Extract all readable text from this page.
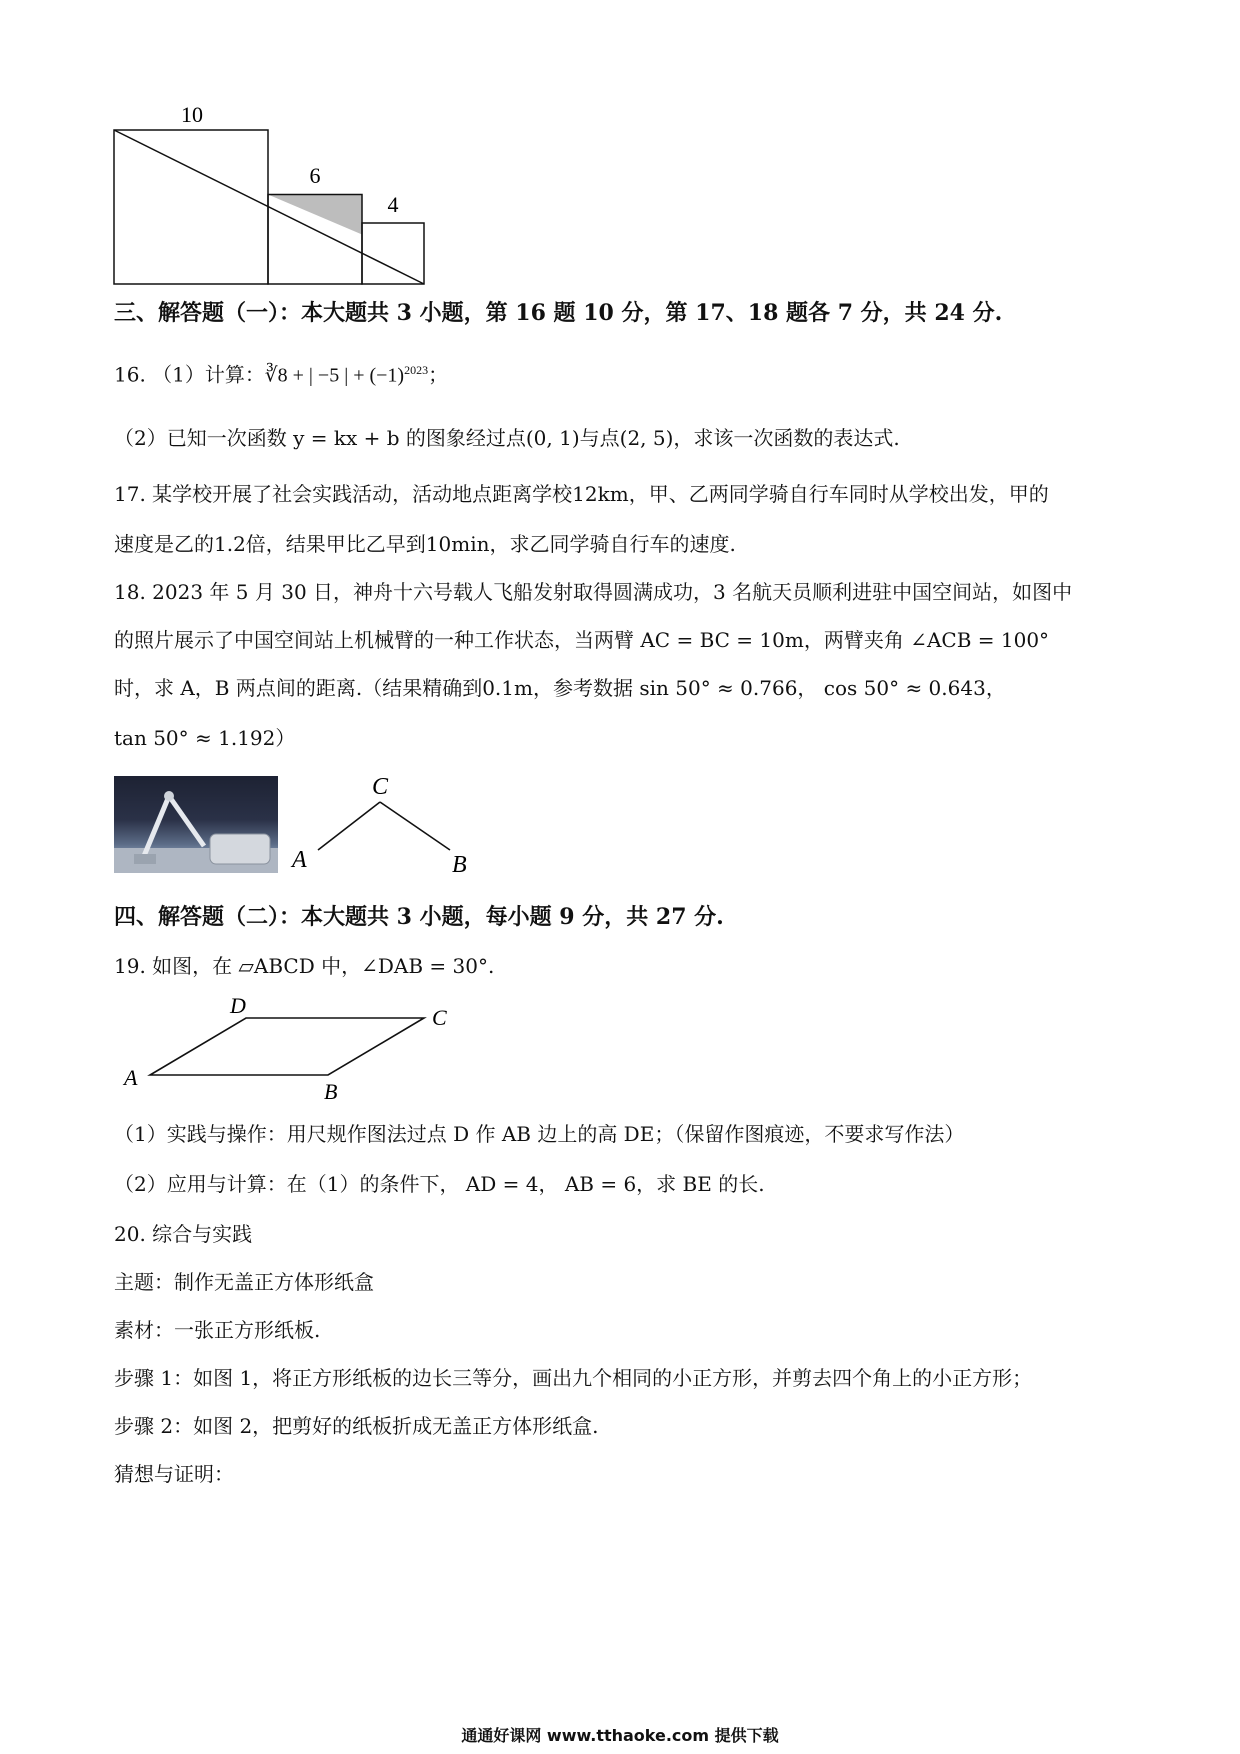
10
6
4
三、解答题（一）：本大题共 3 小题，第 16 题 10 分，第 17、18 题各 7 分，共 24 分.
16. （1）计算：∛8 + | −5 | + $(-1)^{2023}$；
（2）已知一次函数 y = kx + b 的图象经过点(0, 1)与点(2, 5)，求该一次函数的表达式.
17. 某学校开展了社会实践活动，活动地点距离学校12km，甲、乙两同学骑自行车同时从学校出发，甲的
速度是乙的1.2倍，结果甲比乙早到10min，求乙同学骑自行车的速度.
18. 2023 年 5 月 30 日，神舟十六号载人飞船发射取得圆满成功，3 名航天员顺利进驻中国空间站，如图中
的照片展示了中国空间站上机械臂的一种工作状态，当两臂 AC = BC = 10m，两臂夹角 ∠ACB = 100°
时，求 A，B 两点间的距离.（结果精确到0.1m，参考数据 sin 50° ≈ 0.766， cos 50° ≈ 0.643，
tan 50° ≈ 1.192）
C
A	B
四、解答题（二）：本大题共 3 小题，每小题 9 分，共 27 分.
19. 如图，在 ▱ABCD 中，∠DAB = 30°.
D	C
A
B
（1）实践与操作：用尺规作图法过点 D 作 AB 边上的高 DE；（保留作图痕迹，不要求写作法）
（2）应用与计算：在（1）的条件下， AD = 4， AB = 6，求 BE 的长.
20. 综合与实践
主题：制作无盖正方体形纸盒
素材：一张正方形纸板.
步骤 1：如图 1，将正方形纸板的边长三等分，画出九个相同的小正方形，并剪去四个角上的小正方形；
步骤 2：如图 2，把剪好的纸板折成无盖正方体形纸盒.
猜想与证明：
通通好课网 www.tthaoke.com 提供下载
